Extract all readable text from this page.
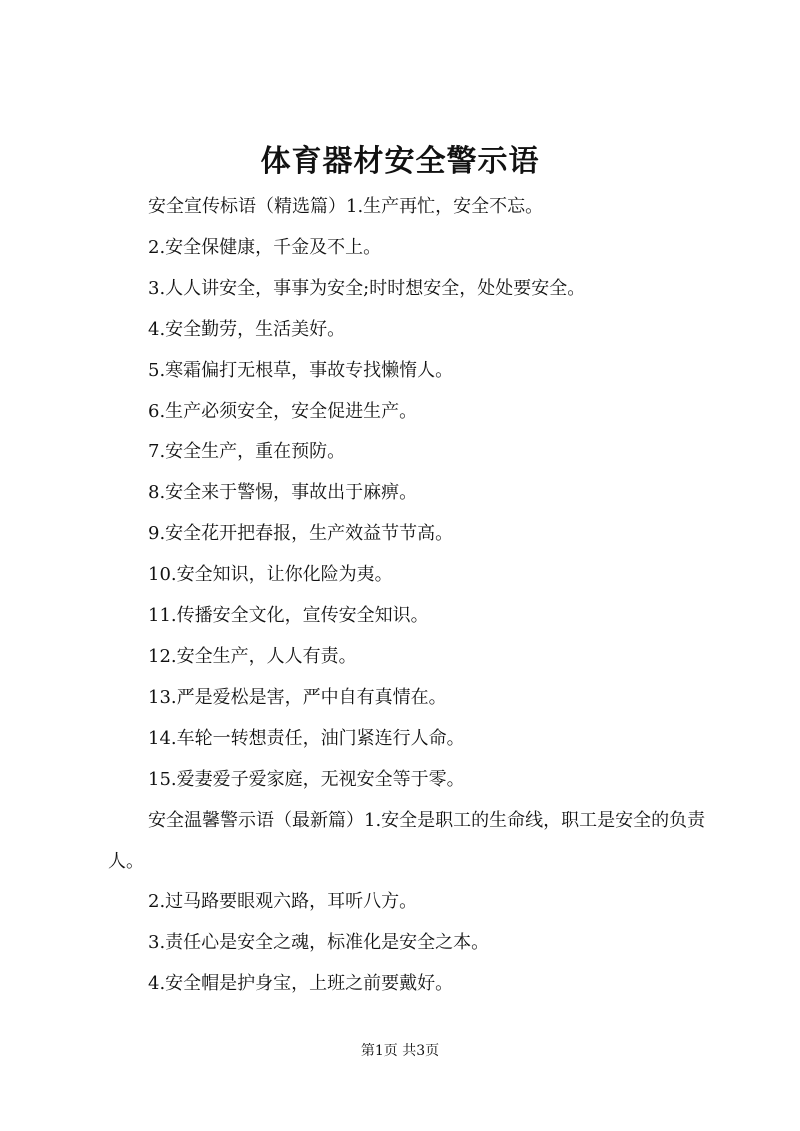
体育器材安全警示语

安全宣传标语（精选篇）1.生产再忙，安全不忘。

2.安全保健康，千金及不上。

3.人人讲安全，事事为安全;时时想安全，处处要安全。

4.安全勤劳，生活美好。

5.寒霜偏打无根草，事故专找懒惰人。

6.生产必须安全，安全促进生产。

7.安全生产，重在预防。

8.安全来于警惕，事故出于麻痹。

9.安全花开把春报，生产效益节节高。

10.安全知识，让你化险为夷。

11.传播安全文化，宣传安全知识。

12.安全生产，人人有责。

13.严是爱松是害，严中自有真情在。

14.车轮一转想责任，油门紧连行人命。

15.爱妻爱子爱家庭，无视安全等于零。

安全温馨警示语（最新篇）1.安全是职工的生命线，职工是安全的负责人。

2.过马路要眼观六路，耳听八方。

3.责任心是安全之魂，标准化是安全之本。

4.安全帽是护身宝，上班之前要戴好。

第1页 共3页
